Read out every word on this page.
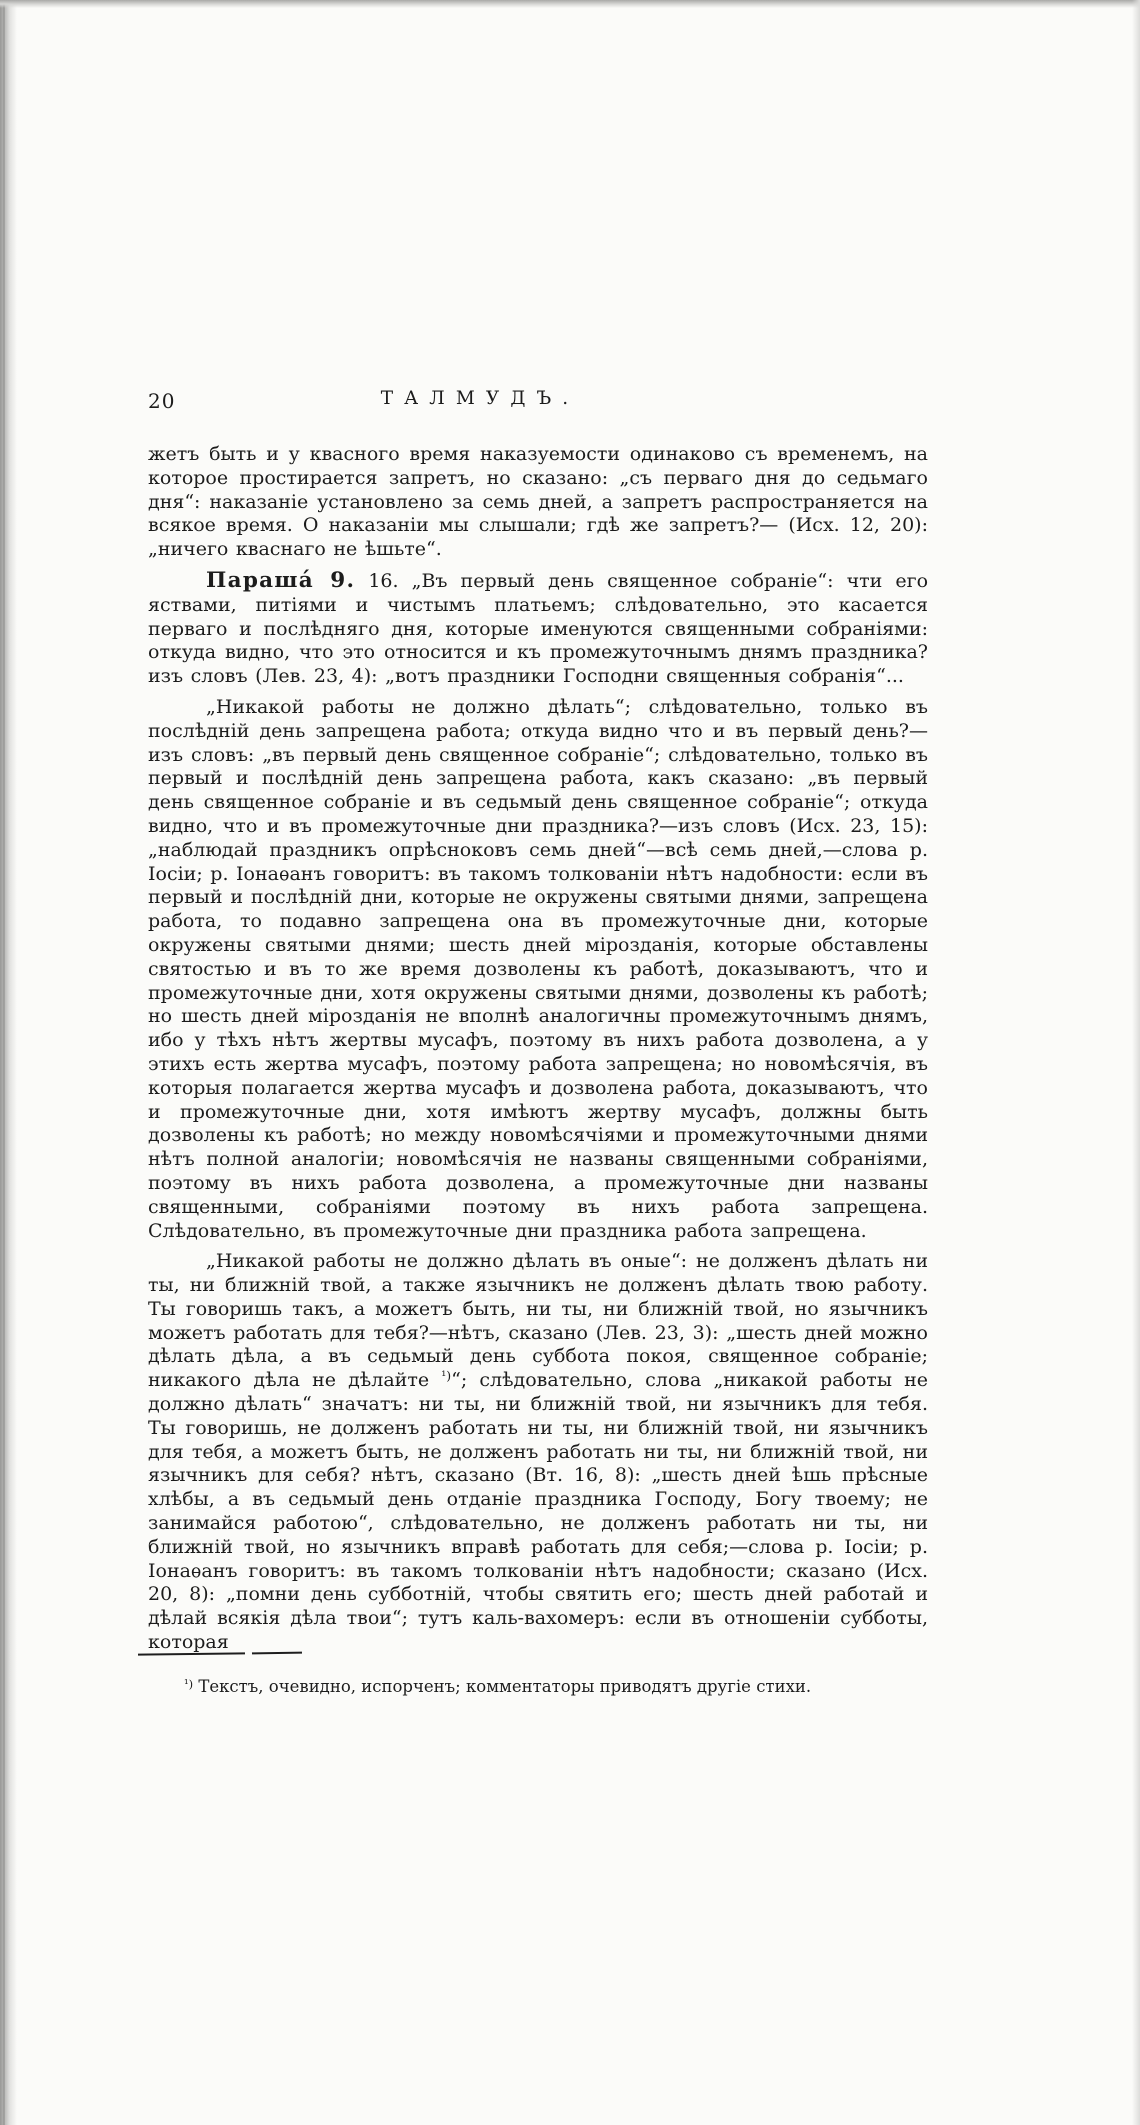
20	ТАЛМУДЪ.

жетъ быть и у квасного время наказуемости одинаково съ временемъ, на которое простирается запретъ, но сказано: „съ перваго дня до седьмаго дня“: наказаніе установлено за семь дней, а запретъ распространяется на всякое время. О наказаніи мы слышали; гдѣ же запретъ?— (Исх. 12, 20): „ничего кваснаго не ѣшьте“.

Параша́ 9. 16. „Въ первый день священное собраніе“: чти его яствами, питіями и чистымъ платьемъ; слѣдовательно, это касается перваго и послѣдняго дня, которые именуются священными собраніями: откуда видно, что это относится и къ промежуточнымъ днямъ праздника? изъ словъ (Лев. 23, 4): „вотъ праздники Господни священныя собранія“...

„Никакой работы не должно дѣлать“; слѣдовательно, только въ послѣдній день запрещена работа; откуда видно что и въ первый день?—изъ словъ: „въ первый день священное собраніе“; слѣдовательно, только въ первый и послѣдній день запрещена работа, какъ сказано: „въ первый день священное собраніе и въ седьмый день священное собраніе“; откуда видно, что и въ промежуточные дни праздника?—изъ словъ (Исх. 23, 15): „наблюдай праздникъ опрѣсноковъ семь дней“—всѣ семь дней,—слова р. Іосіи; р. Іонаѳанъ говоритъ: въ такомъ толкованіи нѣтъ надобности: если въ первый и послѣдній дни, которые не окружены святыми днями, запрещена работа, то подавно запрещена она въ промежуточные дни, которые окружены святыми днями; шесть дней мірозданія, которые обставлены святостью и въ то же время дозволены къ работѣ, доказываютъ, что и промежуточные дни, хотя окружены святыми днями, дозволены къ работѣ; но шесть дней мірозданія не вполнѣ аналогичны промежуточнымъ днямъ, ибо у тѣхъ нѣтъ жертвы мусафъ, поэтому въ нихъ работа дозволена, а у этихъ есть жертва мусафъ, поэтому работа запрещена; но новомѣсячія, въ которыя полагается жертва мусафъ и дозволена работа, доказываютъ, что и промежуточные дни, хотя имѣютъ жертву мусафъ, должны быть дозволены къ работѣ; но между новомѣсячіями и промежуточными днями нѣтъ полной аналогіи; новомѣсячія не названы священными собраніями, поэтому въ нихъ работа дозволена, а промежуточные дни названы священными, собраніями поэтому въ нихъ работа запрещена. Слѣдовательно, въ промежуточные дни праздника работа запрещена.

„Никакой работы не должно дѣлать въ оные“: не долженъ дѣлать ни ты, ни ближній твой, а также язычникъ не долженъ дѣлать твою работу. Ты говоришь такъ, а можетъ быть, ни ты, ни ближній твой, но язычникъ можетъ работать для тебя?—нѣтъ, сказано (Лев. 23, 3): „шесть дней можно дѣлать дѣла, а въ седьмый день суббота покоя, священное собраніе; никакого дѣла не дѣлайте $^{^1)}$“; слѣдовательно, слова „никакой работы не должно дѣлать“ значатъ: ни ты, ни ближній твой, ни язычникъ для тебя. Ты говоришь, не долженъ работать ни ты, ни ближній твой, ни язычникъ для тебя, а можетъ быть, не долженъ работать ни ты, ни ближній твой, ни язычникъ для себя? нѣтъ, сказано (Вт. 16, 8): „шесть дней ѣшь прѣсные хлѣбы, а въ седьмый день отданіе праздника Господу, Богу твоему; не занимайся работою“, слѣдовательно, не долженъ работать ни ты, ни ближній твой, но язычникъ вправѣ работать для себя;—слова р. Іосіи; р. Іонаѳанъ говоритъ: въ такомъ толкованіи нѣтъ надобности; сказано (Исх. 20, 8): „помни день субботній, чтобы святить его; шесть дней работай и дѣлай всякія дѣла твои“; тутъ каль-вахомеръ: если въ отношеніи субботы, которая

$^{^1)}$ Текстъ, очевидно, испорченъ; комментаторы приводятъ другіе стихи.
